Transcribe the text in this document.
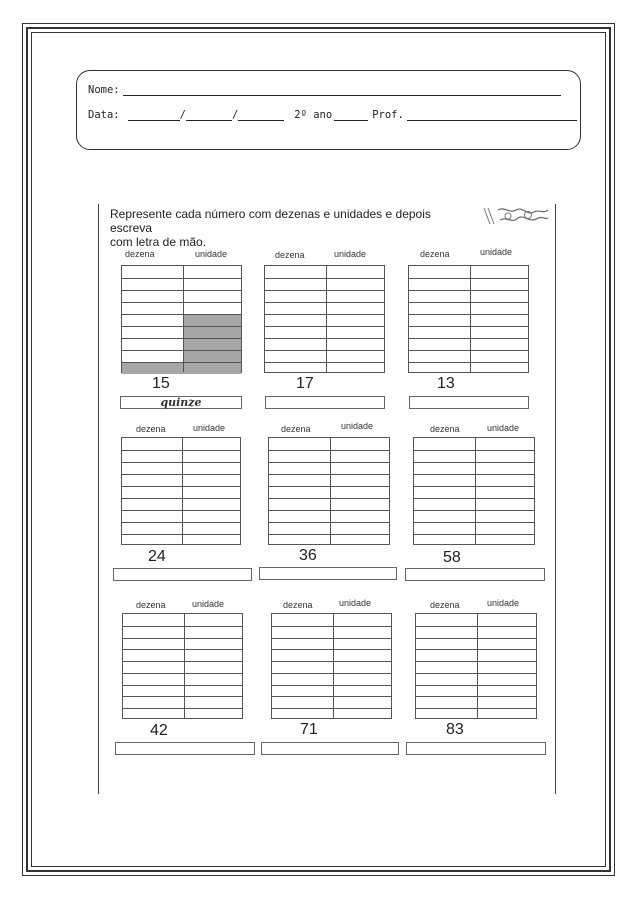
Nome:
Data:	/	/	2º ano	Prof.
Represente cada número com dezenas e unidades e depois escreva
com letra de mão.
dezena	unidade
15
quinze
dezena	unidade
17
dezena	unidade
13
dezena	unidade
24
dezena	unidade
36
dezena	unidade
58
dezena	unidade
42
dezena	unidade
71
dezena	unidade
83
